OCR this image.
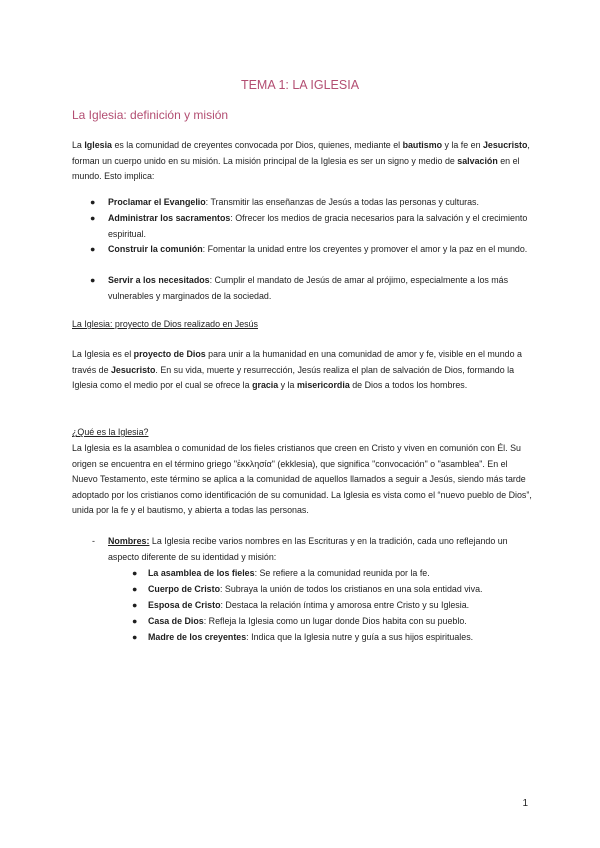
TEMA 1: LA IGLESIA
La Iglesia: definición y misión

La Iglesia es la comunidad de creyentes convocada por Dios, quienes, mediante el bautismo y la fe en Jesucristo, forman un cuerpo unido en su misión. La misión principal de la Iglesia es ser un signo y medio de salvación en el mundo. Esto implica:

● Proclamar el Evangelio: Transmitir las enseñanzas de Jesús a todas las personas y culturas.
● Administrar los sacramentos: Ofrecer los medios de gracia necesarios para la salvación y el crecimiento espiritual.
● Construir la comunión: Fomentar la unidad entre los creyentes y promover el amor y la paz en el mundo.
● Servir a los necesitados: Cumplir el mandato de Jesús de amar al prójimo, especialmente a los más vulnerables y marginados de la sociedad.
La Iglesia: proyecto de Dios realizado en Jesús

La Iglesia es el proyecto de Dios para unir a la humanidad en una comunidad de amor y fe, visible en el mundo a través de Jesucristo. En su vida, muerte y resurrección, Jesús realiza el plan de salvación de Dios, formando la Iglesia como el medio por el cual se ofrece la gracia y la misericordia de Dios a todos los hombres.

¿Qué es la Iglesia?

La Iglesia es la asamblea o comunidad de los fieles cristianos que creen en Cristo y viven en comunión con Él. Su origen se encuentra en el término griego "ἐκκλησία" (ekklesia), que significa "convocación" o "asamblea". En el Nuevo Testamento, este término se aplica a la comunidad de aquellos llamados a seguir a Jesús, siendo más tarde adoptado por los cristianos como identificación de su comunidad. La Iglesia es vista como el “nuevo pueblo de Dios”, unida por la fe y el bautismo, y abierta a todas las personas.

- Nombres: La Iglesia recibe varios nombres en las Escrituras y en la tradición, cada uno reflejando un aspecto diferente de su identidad y misión:
● La asamblea de los fieles: Se refiere a la comunidad reunida por la fe.
● Cuerpo de Cristo: Subraya la unión de todos los cristianos en una sola entidad viva.
● Esposa de Cristo: Destaca la relación íntima y amorosa entre Cristo y su Iglesia.
● Casa de Dios: Refleja la Iglesia como un lugar donde Dios habita con su pueblo.
● Madre de los creyentes: Indica que la Iglesia nutre y guía a sus hijos espirituales.
1
